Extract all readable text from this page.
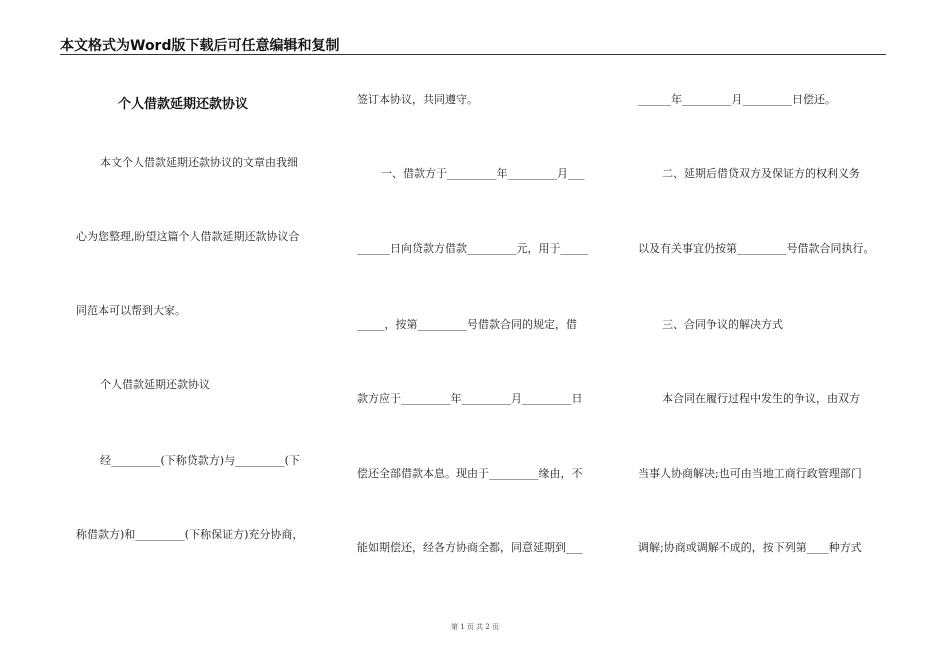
本文格式为Word版下载后可任意编辑和复制
个人借款延期还款协议
本文个人借款延期还款协议的文章由我细
心为您整理,盼望这篇个人借款延期还款协议合
同范本可以帮到大家。
个人借款延期还款协议
经_________(下称贷款方)与_________(下
称借款方)和_________(下称保证方)充分协商，
签订本协议，共同遵守。
一、借款方于_________年_________月___
______日向贷款方借款_________元，用于_____
_____，按第_________号借款合同的规定，借
款方应于_________年_________月_________日
偿还全部借款本息。现由于_________缘由，不
能如期偿还，经各方协商全都，同意延期到___
______年_________月_________日偿还。
二、延期后借贷双方及保证方的权利义务
以及有关事宜仍按第_________号借款合同执行。
三、合同争议的解决方式
本合同在履行过程中发生的争议，由双方
当事人协商解决;也可由当地工商行政管理部门
调解;协商或调解不成的，按下列第____种方式
第 1 页 共 2 页
